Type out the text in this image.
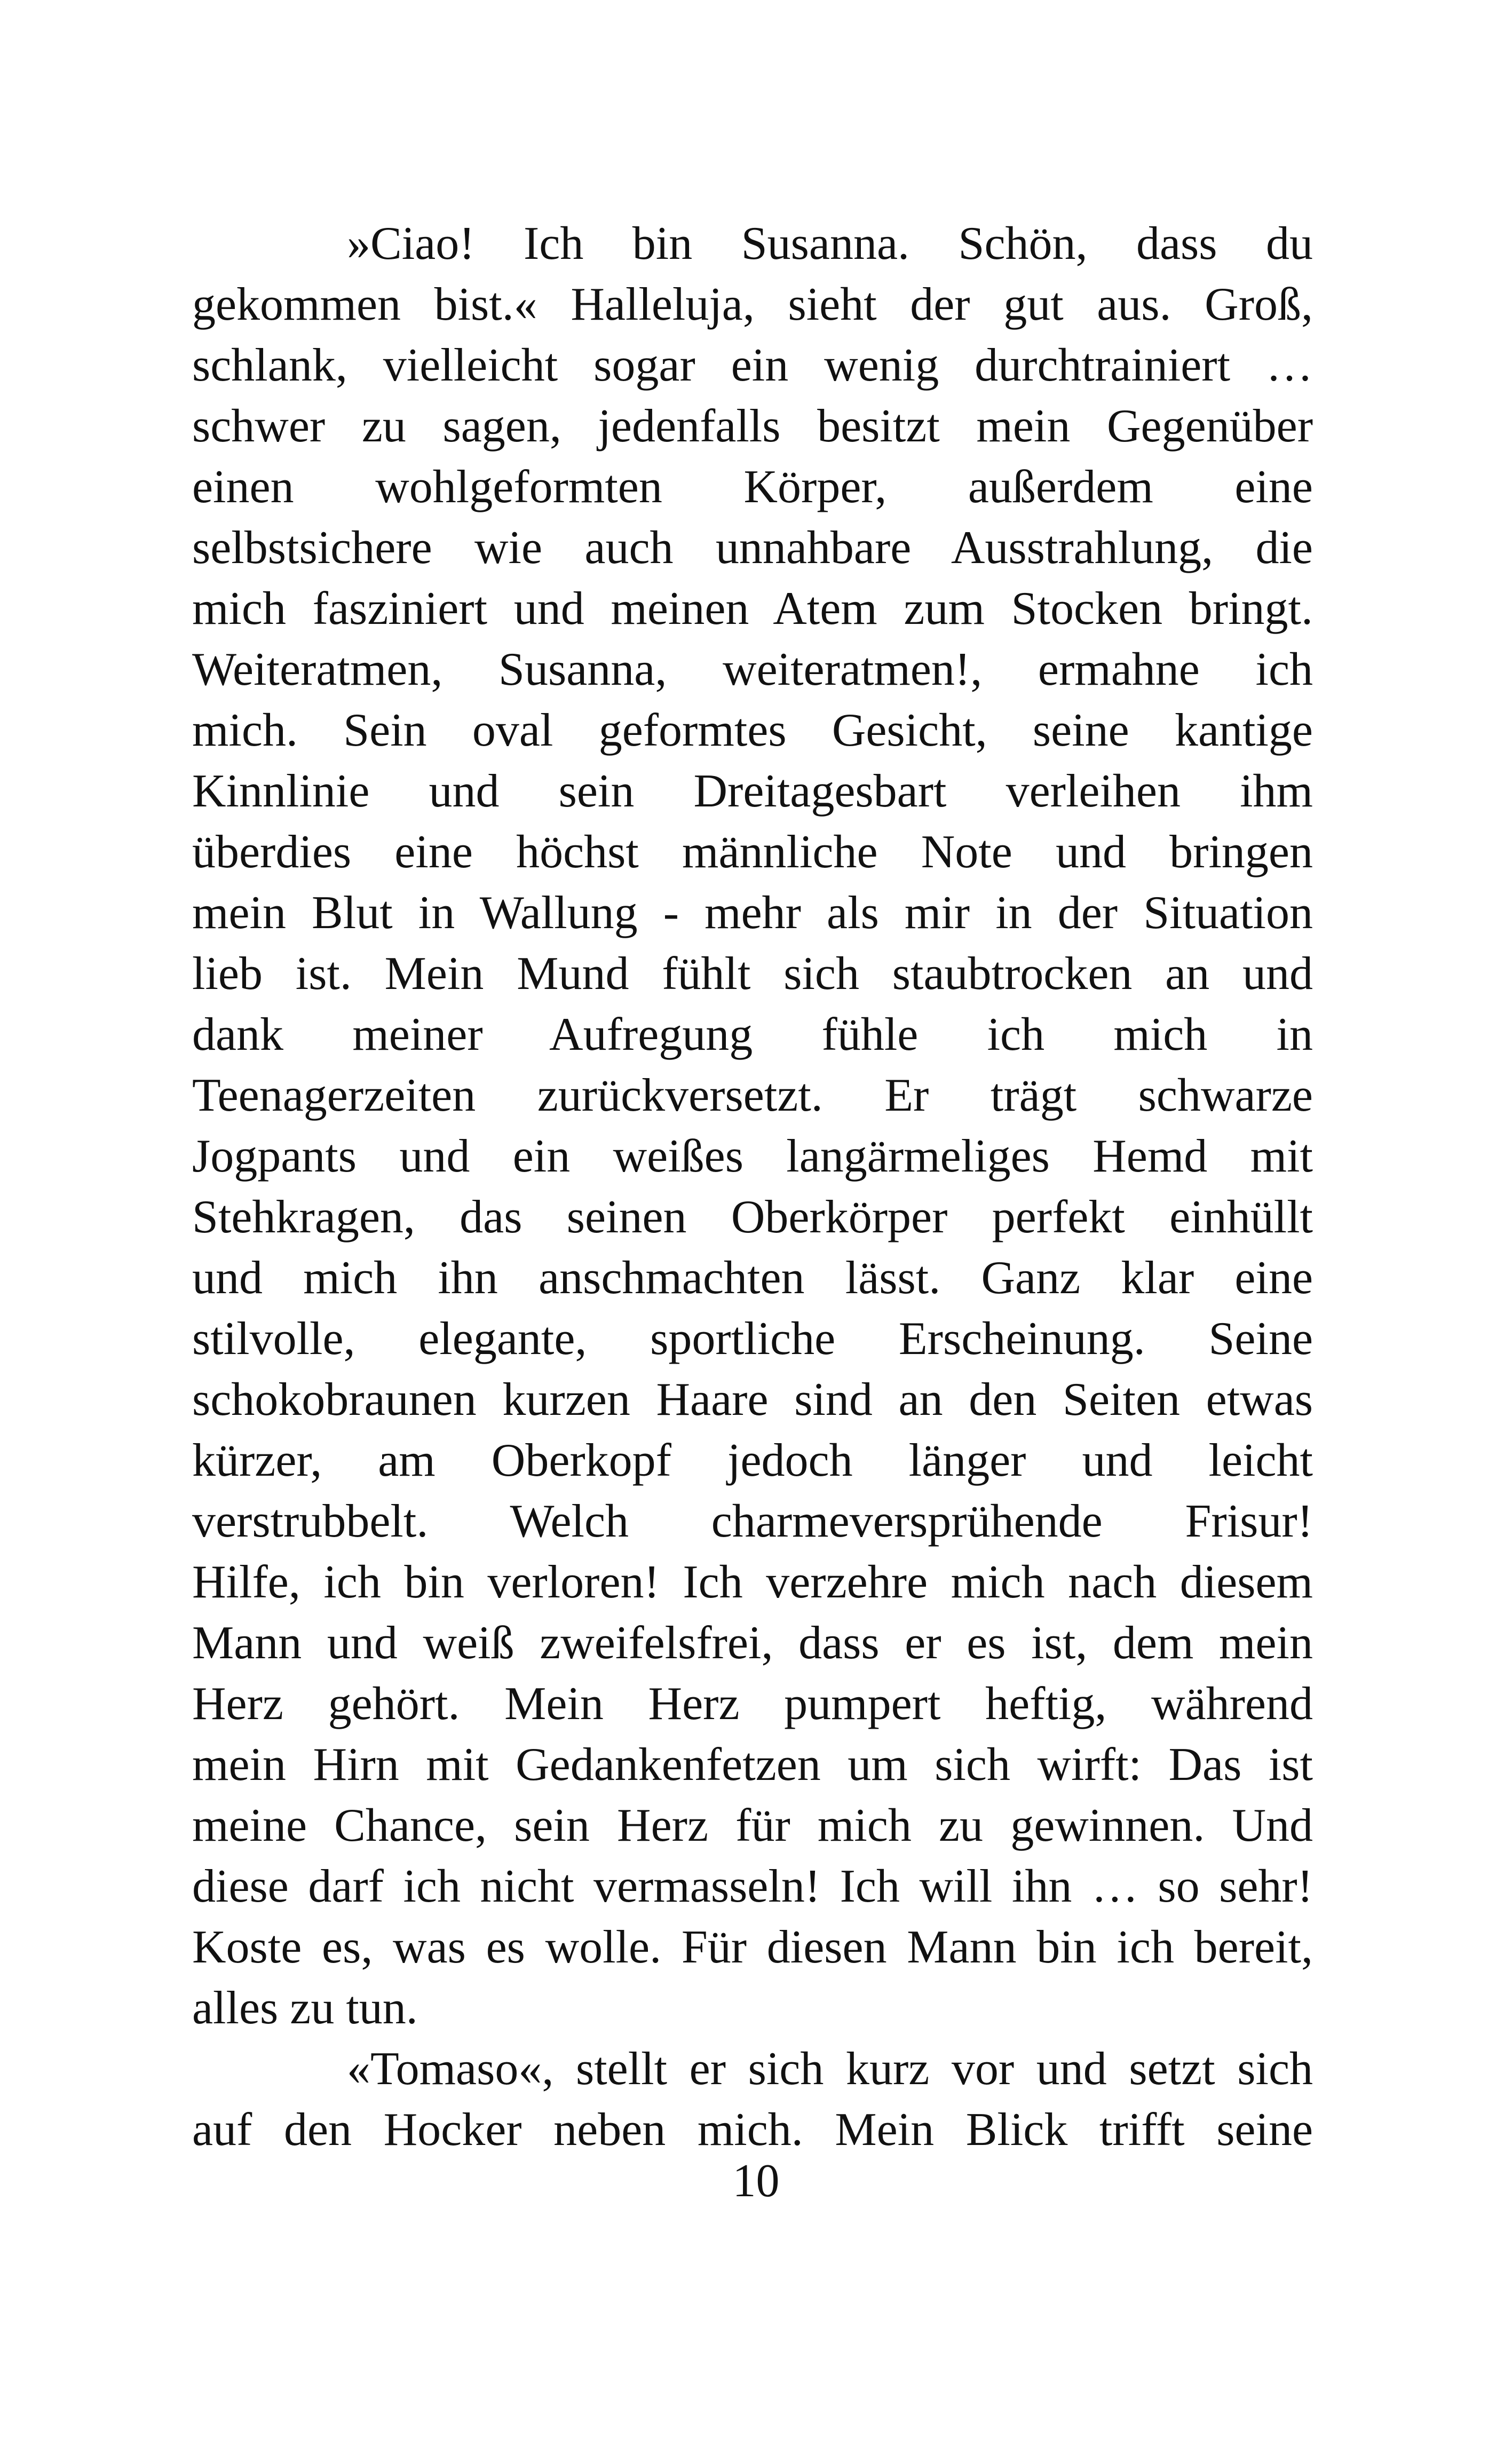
»Ciao! Ich bin Susanna. Schön, dass du
gekommen bist.« Halleluja, sieht der gut aus. Groß,
schlank, vielleicht sogar ein wenig durchtrainiert …
schwer zu sagen, jedenfalls besitzt mein Gegenüber
einen wohlgeformten Körper, außerdem eine
selbstsichere wie auch unnahbare Ausstrahlung, die
mich fasziniert und meinen Atem zum Stocken bringt.
Weiteratmen, Susanna, weiteratmen!, ermahne ich
mich. Sein oval geformtes Gesicht, seine kantige
Kinnlinie und sein Dreitagesbart verleihen ihm
überdies eine höchst männliche Note und bringen
mein Blut in Wallung - mehr als mir in der Situation
lieb ist. Mein Mund fühlt sich staubtrocken an und
dank meiner Aufregung fühle ich mich in
Teenagerzeiten zurückversetzt. Er trägt schwarze
Jogpants und ein weißes langärmeliges Hemd mit
Stehkragen, das seinen Oberkörper perfekt einhüllt
und mich ihn anschmachten lässt. Ganz klar eine
stilvolle, elegante, sportliche Erscheinung. Seine
schokobraunen kurzen Haare sind an den Seiten etwas
kürzer, am Oberkopf jedoch länger und leicht
verstrubbelt. Welch charmeversprühende Frisur!
Hilfe, ich bin verloren! Ich verzehre mich nach diesem
Mann und weiß zweifelsfrei, dass er es ist, dem mein
Herz gehört. Mein Herz pumpert heftig, während
mein Hirn mit Gedankenfetzen um sich wirft: Das ist
meine Chance, sein Herz für mich zu gewinnen. Und
diese darf ich nicht vermasseln! Ich will ihn … so sehr!
Koste es, was es wolle. Für diesen Mann bin ich bereit,
alles zu tun.
«Tomaso«, stellt er sich kurz vor und setzt sich
auf den Hocker neben mich. Mein Blick trifft seine
10
